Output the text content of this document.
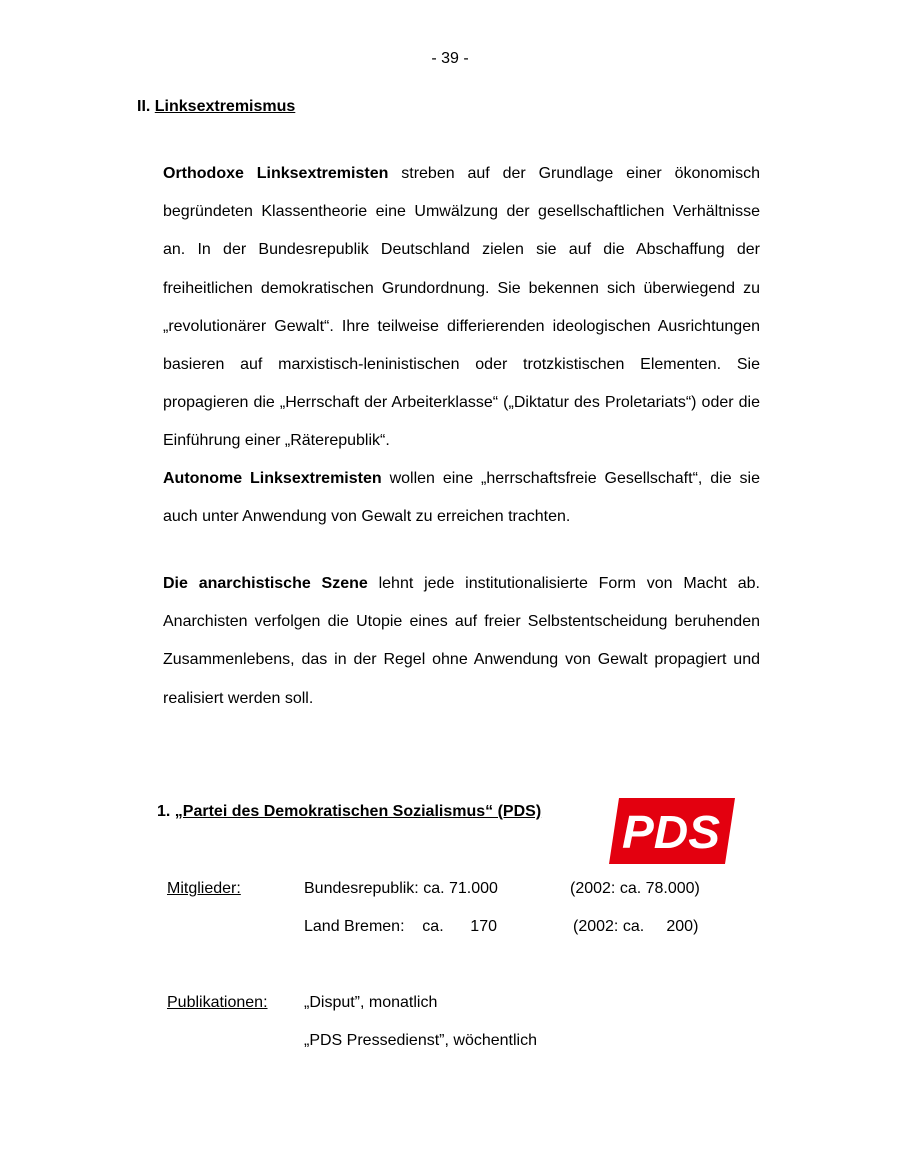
- 39 -
II. Linksextremismus
Orthodoxe Linksextremisten streben auf der Grundlage einer ökonomisch begründeten Klassentheorie eine Umwälzung der gesellschaftlichen Verhältnisse an. In der Bundesrepublik Deutschland zielen sie auf die Abschaffung der freiheitlichen demokratischen Grundordnung. Sie bekennen sich überwiegend zu „revolutionärer Gewalt“. Ihre teilweise differierenden ideologischen Ausrichtungen basieren auf marxistisch-leninistischen oder trotzkistischen Elementen. Sie propagieren die „Herrschaft der Arbeiterklasse“ („Diktatur des Proletariats“) oder die Einführung einer „Räterepublik“.
Autonome Linksextremisten wollen eine „herrschaftsfreie Gesellschaft“, die sie auch unter Anwendung von Gewalt zu erreichen trachten.
Die anarchistische Szene lehnt jede institutionalisierte Form von Macht ab. Anarchisten verfolgen die Utopie eines auf freier Selbstentscheidung beruhenden Zusammenlebens, das in der Regel ohne Anwendung von Gewalt propagiert und realisiert werden soll.
1. „Partei des Demokratischen Sozialismus“ (PDS) PDS
Mitglieder:	Bundesrepublik: ca. 71.000	(2002: ca. 78.000)
Land Bremen:    ca.      170	(2002: ca.     200)
Publikationen: „Disput”, monatlich
„PDS Pressedienst”, wöchentlich
